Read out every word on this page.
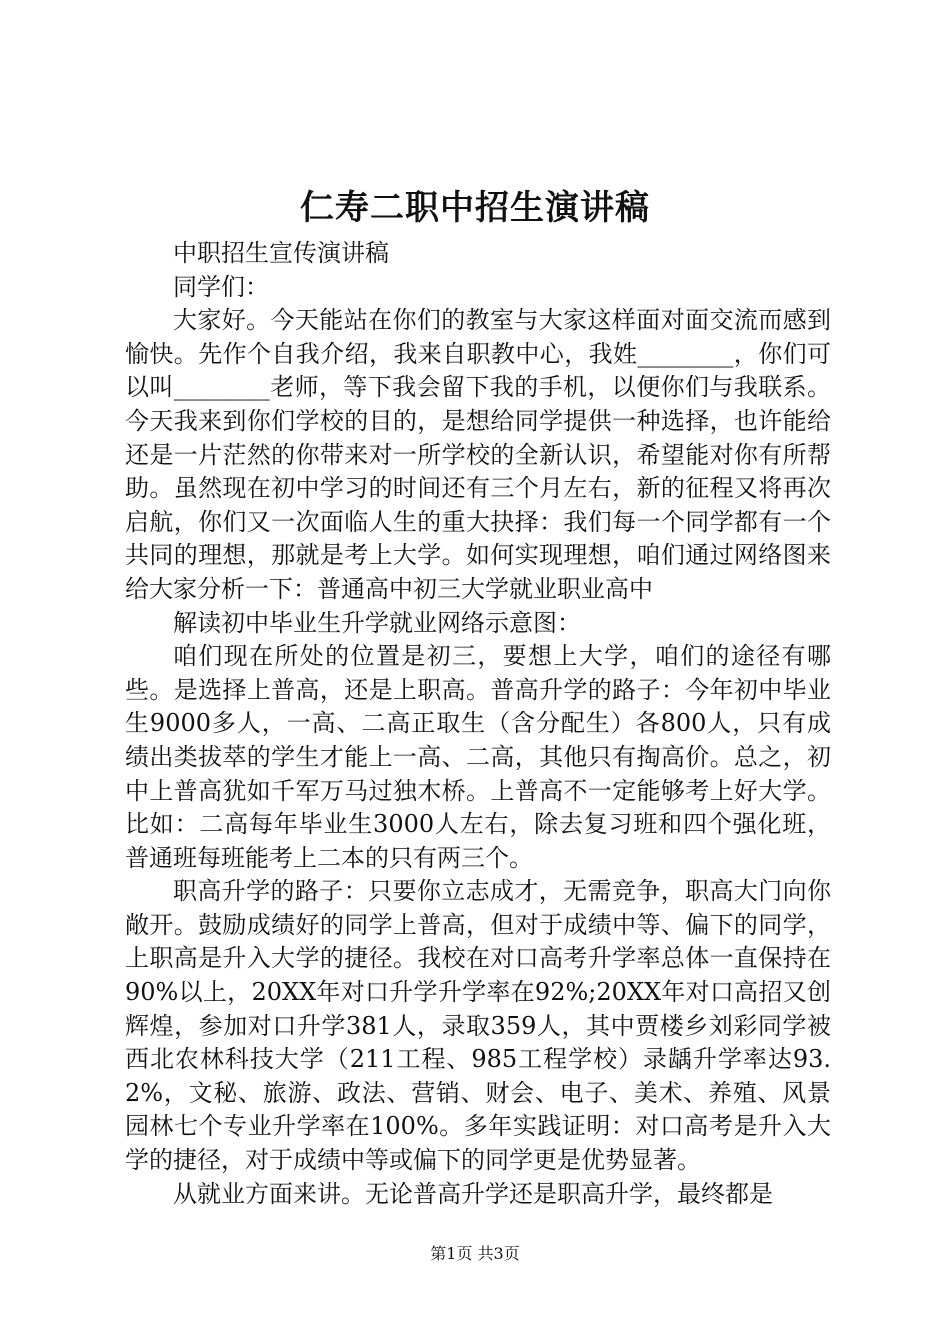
仁寿二职中招生演讲稿

中职招生宣传演讲稿

同学们：

大家好。今天能站在你们的教室与大家这样面对面交流而感到愉快。先作个自我介绍，我来自职教中心，我姓________，你们可以叫________老师，等下我会留下我的手机，以便你们与我联系。今天我来到你们学校的目的，是想给同学提供一种选择，也许能给还是一片茫然的你带来对一所学校的全新认识，希望能对你有所帮助。虽然现在初中学习的时间还有三个月左右，新的征程又将再次启航，你们又一次面临人生的重大抉择：我们每一个同学都有一个共同的理想，那就是考上大学。如何实现理想，咱们通过网络图来给大家分析一下：普通高中初三大学就业职业高中

解读初中毕业生升学就业网络示意图：

咱们现在所处的位置是初三，要想上大学，咱们的途径有哪些。是选择上普高，还是上职高。普高升学的路子：今年初中毕业生9000多人，一高、二高正取生（含分配生）各800人，只有成绩出类拔萃的学生才能上一高、二高，其他只有掏高价。总之，初中上普高犹如千军万马过独木桥。上普高不一定能够考上好大学。比如：二高每年毕业生3000人左右，除去复习班和四个强化班，普通班每班能考上二本的只有两三个。

职高升学的路子：只要你立志成才，无需竞争，职高大门向你敞开。鼓励成绩好的同学上普高，但对于成绩中等、偏下的同学，上职高是升入大学的捷径。我校在对口高考升学率总体一直保持在90%以上，20XX年对口升学升学率在92%;20XX年对口高招又创辉煌，参加对口升学381人，录取359人，其中贾楼乡刘彩同学被西北农林科技大学（211工程、985工程学校）录龋升学率达93.2%，文秘、旅游、政法、营销、财会、电子、美术、养殖、风景园林七个专业升学率在100%。多年实践证明：对口高考是升入大学的捷径，对于成绩中等或偏下的同学更是优势显著。

从就业方面来讲。无论普高升学还是职高升学，最终都是

第1页 共3页
